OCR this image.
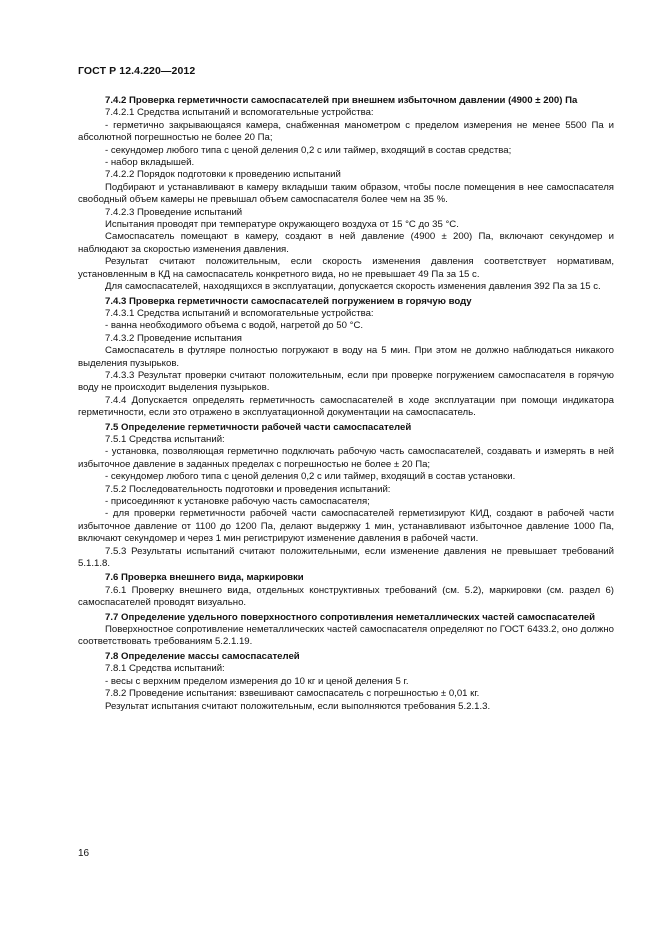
ГОСТ Р 12.4.220—2012

7.4.2 Проверка герметичности самоспасателей при внешнем избыточном давлении (4900 ± 200) Па

7.4.2.1 Средства испытаний и вспомогательные устройства:

- герметично закрывающаяся камера, снабженная манометром с пределом измерения не менее 5500 Па и абсолютной погрешностью не более 20 Па;

- секундомер любого типа с ценой деления 0,2 с или таймер, входящий в состав средства;

- набор вкладышей.

7.4.2.2 Порядок подготовки к проведению испытаний

Подбирают и устанавливают в камеру вкладыши таким образом, чтобы после помещения в нее самоспасателя свободный объем камеры не превышал объем самоспасателя более чем на 35 %.

7.4.2.3 Проведение испытаний

Испытания проводят при температуре окружающего воздуха от 15 °С до 35 °С.

Самоспасатель помещают в камеру, создают в ней давление (4900 ± 200) Па, включают секундомер и наблюдают за скоростью изменения давления.

Результат считают положительным, если скорость изменения давления соответствует нормативам, установленным в КД на самоспасатель конкретного вида, но не превышает 49 Па за 15 с.

Для самоспасателей, находящихся в эксплуатации, допускается скорость изменения давления 392 Па за 15 с.

7.4.3 Проверка герметичности самоспасателей погружением в горячую воду

7.4.3.1 Средства испытаний и вспомогательные устройства:

- ванна необходимого объема с водой, нагретой до 50 °С.

7.4.3.2 Проведение испытания

Самоспасатель в футляре полностью погружают в воду на 5 мин. При этом не должно наблюдаться никакого выделения пузырьков.

7.4.3.3 Результат проверки считают положительным, если при проверке погружением самоспасателя в горячую воду не происходит выделения пузырьков.

7.4.4 Допускается определять герметичность самоспасателей в ходе эксплуатации при помощи индикатора герметичности, если это отражено в эксплуатационной документации на самоспасатель.

7.5 Определение герметичности рабочей части самоспасателей

7.5.1 Средства испытаний:

- установка, позволяющая герметично подключать рабочую часть самоспасателей, создавать и измерять в ней избыточное давление в заданных пределах с погрешностью не более ± 20 Па;

- секундомер любого типа с ценой деления 0,2 с или таймер, входящий в состав установки.

7.5.2 Последовательность подготовки и проведения испытаний:

- присоединяют к установке рабочую часть самоспасателя;

- для проверки герметичности рабочей части самоспасателей герметизируют КИД, создают в рабочей части избыточное давление от 1100 до 1200 Па, делают выдержку 1 мин, устанавливают избыточное давление 1000 Па, включают секундомер и через 1 мин регистрируют изменение давления в рабочей части.

7.5.3 Результаты испытаний считают положительными, если изменение давления не превышает требований 5.1.1.8.

7.6 Проверка внешнего вида, маркировки

7.6.1 Проверку внешнего вида, отдельных конструктивных требований (см. 5.2), маркировки (см. раздел 6) самоспасателей проводят визуально.

7.7 Определение удельного поверхностного сопротивления неметаллических частей самоспасателей

Поверхностное сопротивление неметаллических частей самоспасателя определяют по ГОСТ 6433.2, оно должно соответствовать требованиям 5.2.1.19.

7.8 Определение массы самоспасателей

7.8.1 Средства испытаний:

- весы с верхним пределом измерения до 10 кг и ценой деления 5 г.

7.8.2 Проведение испытания: взвешивают самоспасатель с погрешностью ± 0,01 кг.

Результат испытания считают положительным, если выполняются требования 5.2.1.3.

16
